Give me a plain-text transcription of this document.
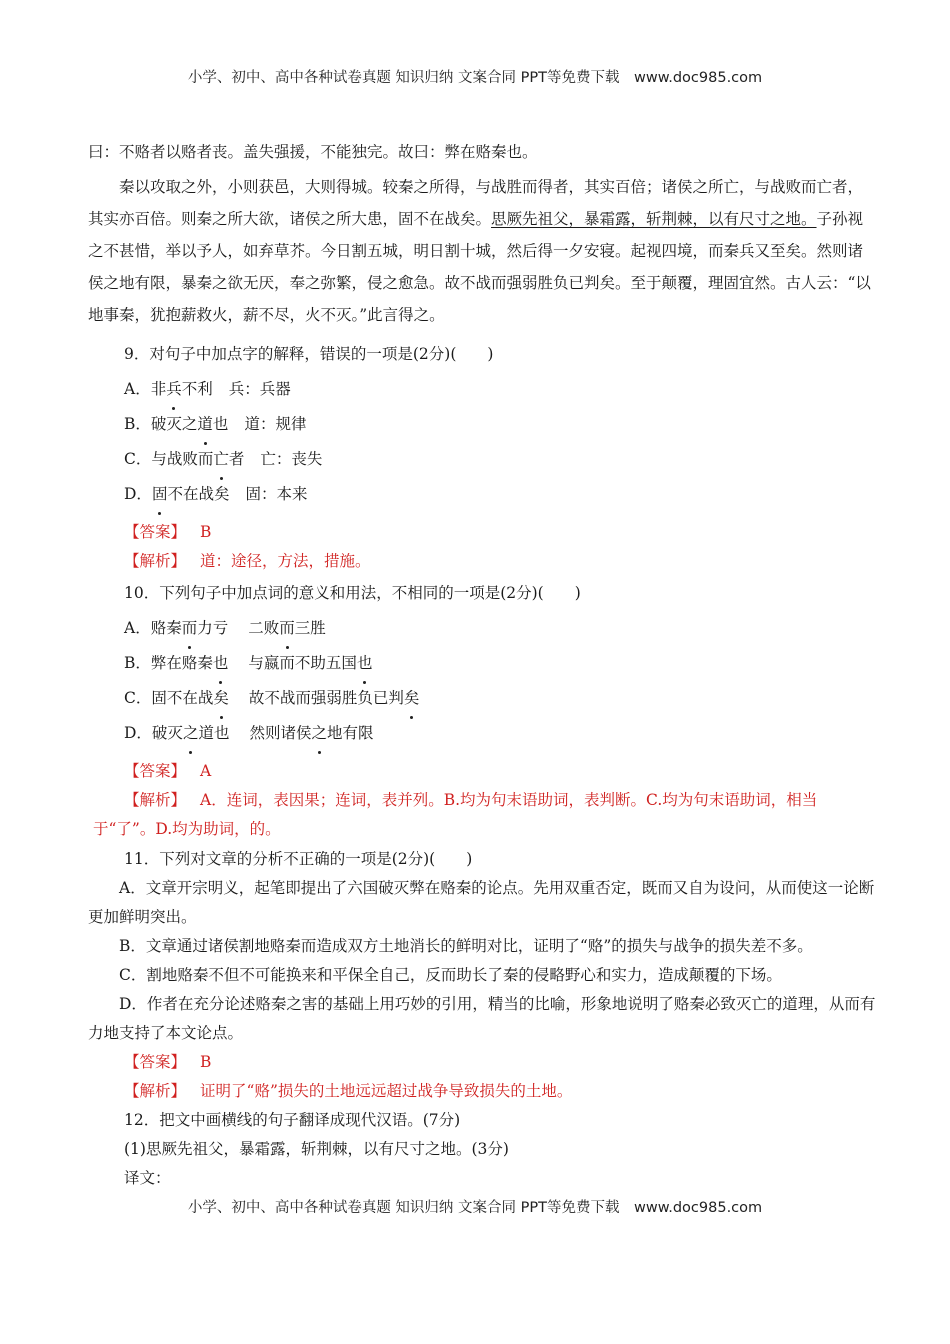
小学、初中、高中各种试卷真题 知识归纳 文案合同 PPT等免费下载　www.doc985.com

曰：不赂者以赂者丧。盖失强援，不能独完。故曰：弊在赂秦也。

秦以攻取之外，小则获邑，大则得城。较秦之所得，与战胜而得者，其实百倍；诸侯之所亡，与战败而亡者，其实亦百倍。则秦之所大欲，诸侯之所大患，固不在战矣。思厥先祖父，暴霜露，斩荆棘，以有尺寸之地。子孙视之不甚惜，举以予人，如弃草芥。今日割五城，明日割十城，然后得一夕安寝。起视四境，而秦兵又至矣。然则诸侯之地有限，暴秦之欲无厌，奉之弥繁，侵之愈急。故不战而强弱胜负已判矣。至于颠覆，理固宜然。古人云：“以地事秦，犹抱薪救火，薪不尽，火不灭。”此言得之。

9．对句子中加点字的解释，错误的一项是(2分)(　　)
A．非兵不利 兵：兵器
B．破灭之道也 道：规律
C．与战败而亡者 亡：丧失
D．固不在战矣 固：本来
【答案】 B
【解析】 道：途径，方法，措施。
10．下列句子中加点词的意义和用法，不相同的一项是(2分)(　　)
A．赂秦而力亏 二败而三胜
B．弊在赂秦也 与嬴而不助五国也
C．固不在战矣 故不战而强弱胜负已判矣
D．破灭之道也 然则诸侯之地有限
【答案】 A

【解析】 A．连词，表因果；连词，表并列。B.均为句末语助词，表判断。C.均为句末语助词，相当于“了”。D.均为助词，的。

11．下列对文章的分析不正确的一项是(2分)(　　)

A．文章开宗明义，起笔即提出了六国破灭弊在赂秦的论点。先用双重否定，既而又自为设问，从而使这一论断更加鲜明突出。

B．文章通过诸侯割地赂秦而造成双方土地消长的鲜明对比，证明了“赂”的损失与战争的损失差不多。

C．割地赂秦不但不可能换来和平保全自己，反而助长了秦的侵略野心和实力，造成颠覆的下场。

D．作者在充分论述赂秦之害的基础上用巧妙的引用，精当的比喻，形象地说明了赂秦必致灭亡的道理，从而有力地支持了本文论点。

【答案】 B
【解析】 证明了“赂”损失的土地远远超过战争导致损失的土地。
12．把文中画横线的句子翻译成现代汉语。(7分)
(1)思厥先祖父，暴霜露，斩荆棘，以有尺寸之地。(3分)
译文：
小学、初中、高中各种试卷真题 知识归纳 文案合同 PPT等免费下载　www.doc985.com
